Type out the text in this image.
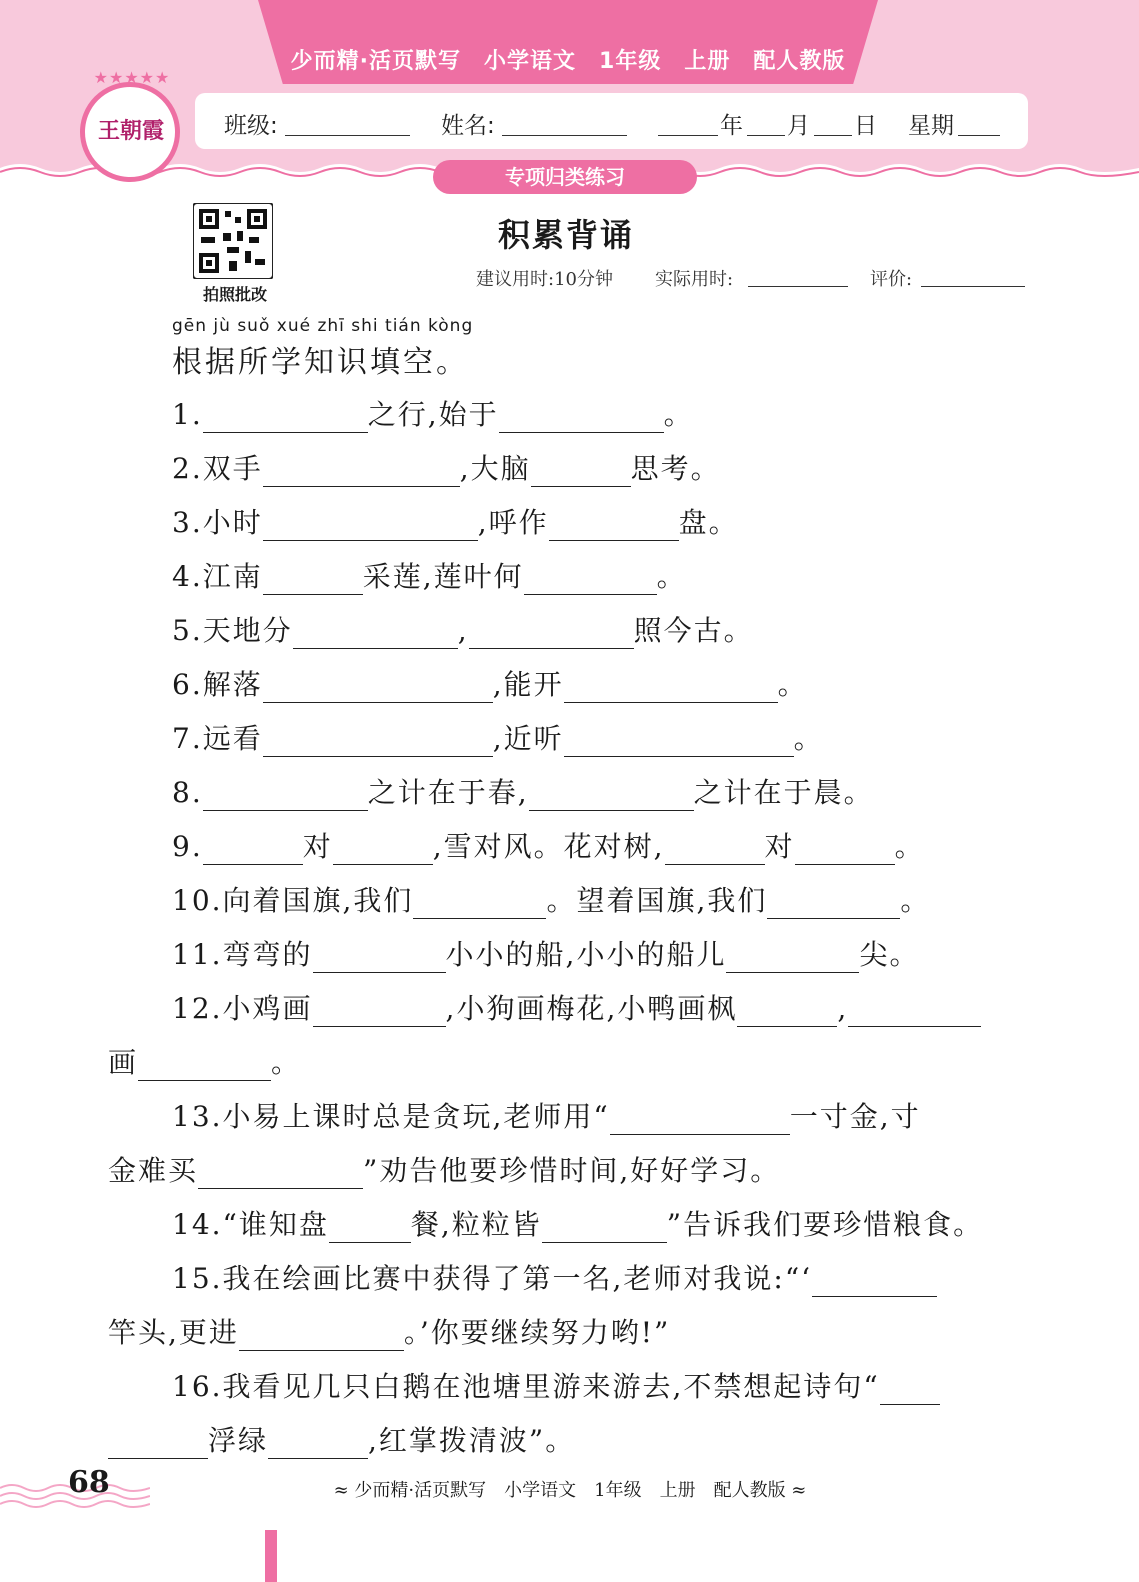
少而精·活页默写　小学语文　1年级　上册　配人教版
★★★★★
王朝霞	班级:	姓名:	年 月 日 星期
专项归类练习
拍照批改
积累背诵
建议用时:10分钟 实际用时:	评价:
gēn jù suǒ xué zhī shi tián kòng
根据所学知识填空。
1.	之行,始于	。
2.双手	,大脑	思考。
3.小时	,呼作	盘。
4.江南	采莲,莲叶何	。
5.天地分	,	照今古。
6.解落	,能开	。
7.远看	,近听	。
8.	之计在于春,	之计在于晨。
9.	对	,雪对风。花对树,	对	。
10.向着国旗,我们	。望着国旗,我们	。
11.弯弯的	小小的船,小小的船儿	尖。
12.小鸡画	,小狗画梅花,小鸭画枫	,
画	。
13.小易上课时总是贪玩,老师用“	一寸金,寸
金难买	”劝告他要珍惜时间,好好学习。
14.“谁知盘	餐,粒粒皆	”告诉我们要珍惜粮食。
15.我在绘画比赛中获得了第一名,老师对我说:“‘
竿头,更进	。’你要继续努力哟!”
16.我看见几只白鹅在池塘里游来游去,不禁想起诗句“
浮绿	,红掌拨清波”。
68	≈ 少而精·活页默写　小学语文　1年级　上册　配人教版 ≈
